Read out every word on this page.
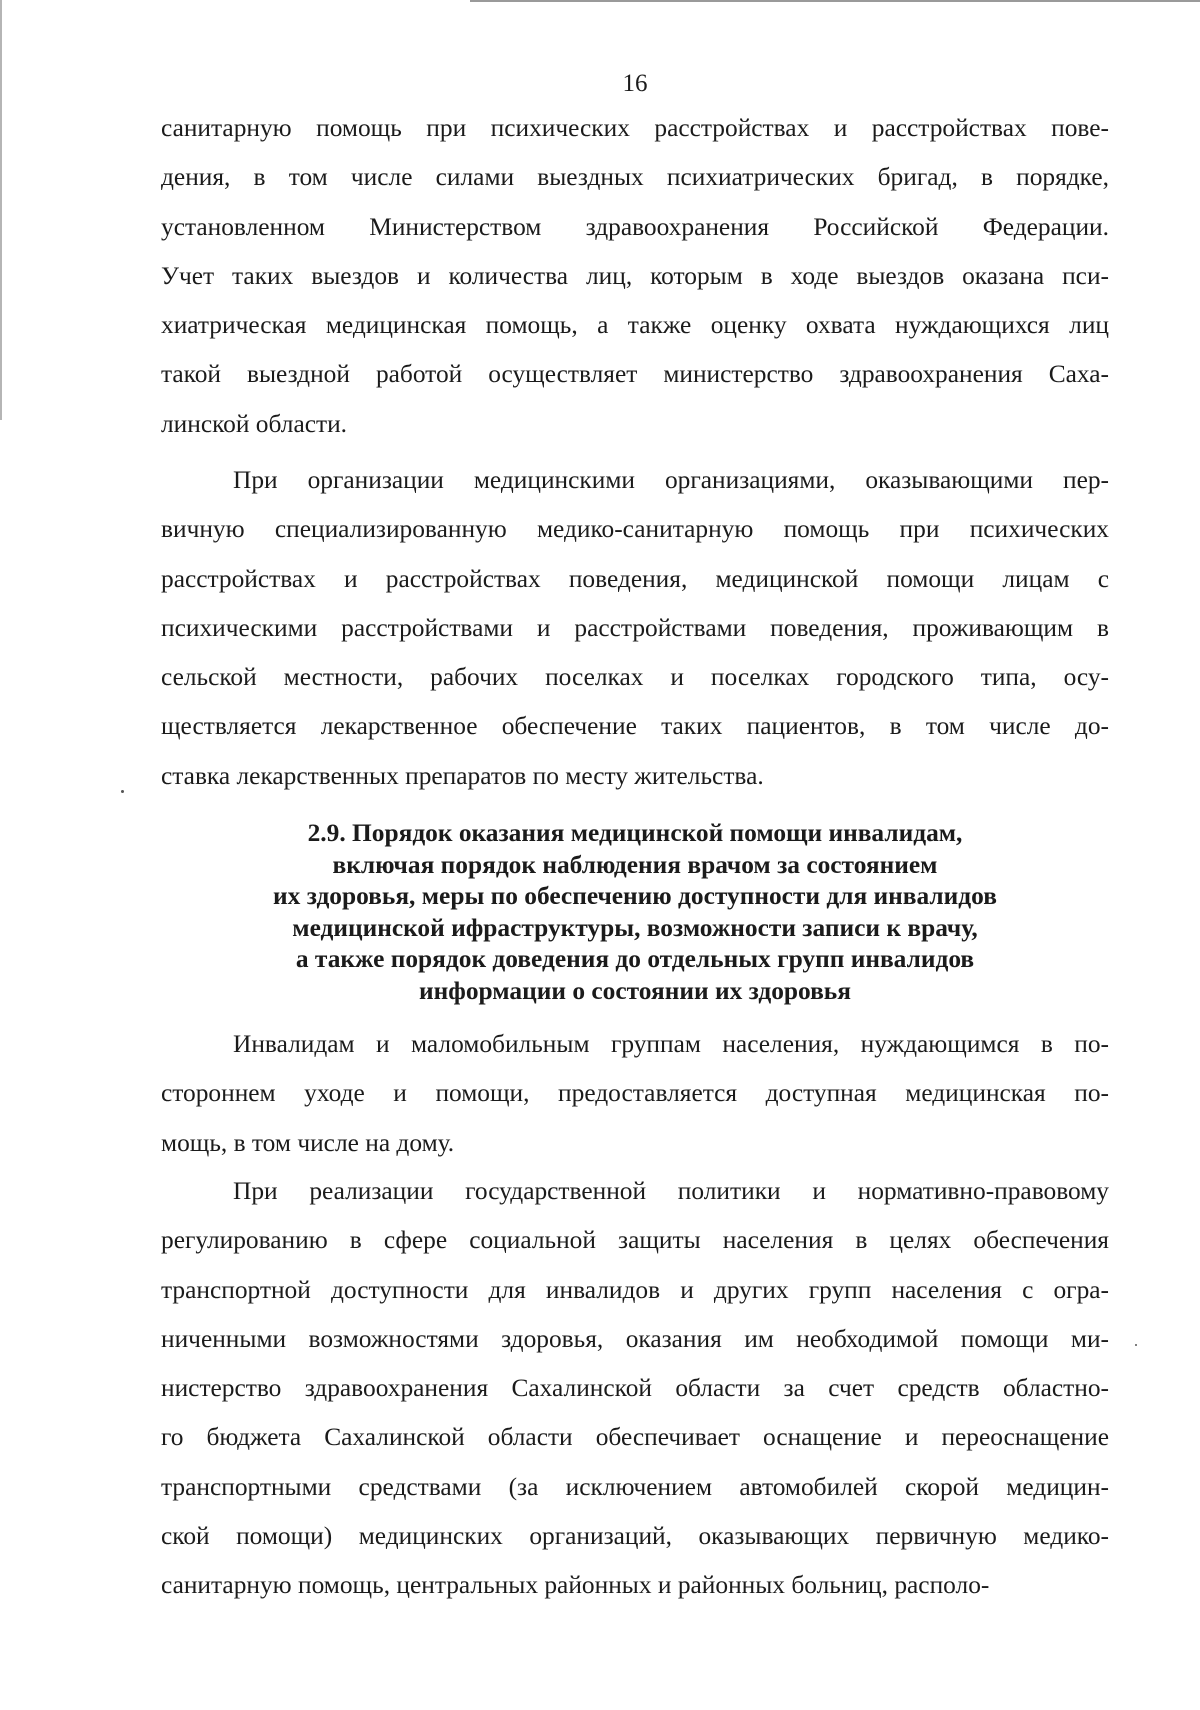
16
санитарную помощь при психических расстройствах и расстройствах пове-
дения, в том числе силами выездных психиатрических бригад, в порядке,
установленном Министерством здравоохранения Российской Федерации.
Учет таких выездов и количества лиц, которым в ходе выездов оказана пси-
хиатрическая медицинская помощь, а также оценку охвата нуждающихся лиц
такой выездной работой осуществляет министерство здравоохранения Саха-
линской области.
При организации медицинскими организациями, оказывающими пер-
вичную специализированную медико-санитарную помощь при психических
расстройствах и расстройствах поведения, медицинской помощи лицам с
психическими расстройствами и расстройствами поведения, проживающим в
сельской местности, рабочих поселках и поселках городского типа, осу-
ществляется лекарственное обеспечение таких пациентов, в том числе до-
ставка лекарственных препаратов по месту жительства.
2.9. Порядок оказания медицинской помощи инвалидам,
включая порядок наблюдения врачом за состоянием
их здоровья, меры по обеспечению доступности для инвалидов
медицинской ифраструктуры, возможности записи к врачу,
а также порядок доведения до отдельных групп инвалидов
информации о состоянии их здоровья
Инвалидам и маломобильным группам населения, нуждающимся в по-
стороннем уходе и помощи, предоставляется доступная медицинская по-
мощь, в том числе на дому.
При реализации государственной политики и нормативно-правовому
регулированию в сфере социальной защиты населения в целях обеспечения
транспортной доступности для инвалидов и других групп населения с огра-
ниченными возможностями здоровья, оказания им необходимой помощи ми-
нистерство здравоохранения Сахалинской области за счет средств областно-
го бюджета Сахалинской области обеспечивает оснащение и переоснащение
транспортными средствами (за исключением автомобилей скорой медицин-
ской помощи) медицинских организаций, оказывающих первичную медико-
санитарную помощь, центральных районных и районных больниц, располо-
